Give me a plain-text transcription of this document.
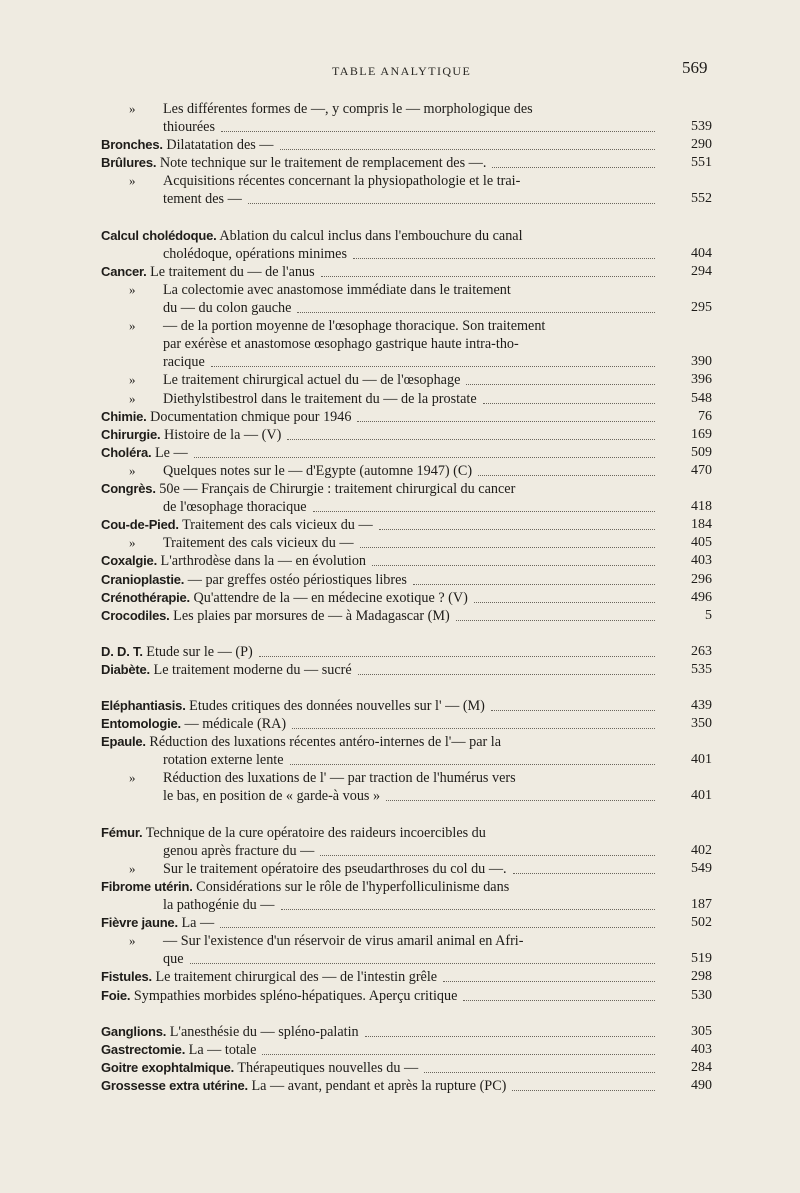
TABLE ANALYTIQUE	569
» Les différentes formes de —, y compris le — morphologique des
thiourées	539
Bronches. Dilatatation des —	290
Brûlures. Note technique sur le traitement de remplacement des —.	551
» Acquisitions récentes concernant la physiopathologie et le trai-
tement des —	552
Calcul cholédoque. Ablation du calcul inclus dans l'embouchure du canal
cholédoque, opérations minimes	404
Cancer. Le traitement du — de l'anus	294
» La colectomie avec anastomose immédiate dans le traitement
du — du colon gauche	295
» — de la portion moyenne de l'œsophage thoracique. Son traitement
par exérèse et anastomose œsophago gastrique haute intra-tho-
racique	390
» Le traitement chirurgical actuel du — de l'œsophage	396
» Diethylstibestrol dans le traitement du — de la prostate	548
Chimie. Documentation chmique pour 1946	76
Chirurgie. Histoire de la — (V)	169
Choléra. Le —	509
» Quelques notes sur le — d'Egypte (automne 1947) (C)	470
Congrès. 50e — Français de Chirurgie : traitement chirurgical du cancer
de l'œsophage thoracique	418
Cou-de-Pied. Traitement des cals vicieux du —	184
» Traitement des cals vicieux du —	405
Coxalgie. L'arthrodèse dans la — en évolution	403
Cranioplastie. — par greffes ostéo périostiques libres	296
Crénothérapie. Qu'attendre de la — en médecine exotique ? (V)	496
Crocodiles. Les plaies par morsures de — à Madagascar (M)	5
D. D. T. Etude sur le — (P)	263
Diabète. Le traitement moderne du — sucré	535
Eléphantiasis. Etudes critiques des données nouvelles sur l' — (M)	439
Entomologie. — médicale (RA)	350
Epaule. Réduction des luxations récentes antéro-internes de l'— par la
rotation externe lente	401
» Réduction des luxations de l' — par traction de l'humérus vers
le bas, en position de « garde-à vous »	401
Fémur. Technique de la cure opératoire des raideurs incoercibles du
genou après fracture du —	402
» Sur le traitement opératoire des pseudarthroses du col du —.	549
Fibrome utérin. Considérations sur le rôle de l'hyperfolliculinisme dans
la pathogénie du —	187
Fièvre jaune. La —	502
» — Sur l'existence d'un réservoir de virus amaril animal en Afri-
que	519
Fistules. Le traitement chirurgical des — de l'intestin grêle	298
Foie. Sympathies morbides spléno-hépatiques. Aperçu critique	530
Ganglions. L'anesthésie du — spléno-palatin	305
Gastrectomie. La — totale	403
Goitre exophtalmique. Thérapeutiques nouvelles du —	284
Grossesse extra utérine. La — avant, pendant et après la rupture (PC)	490
